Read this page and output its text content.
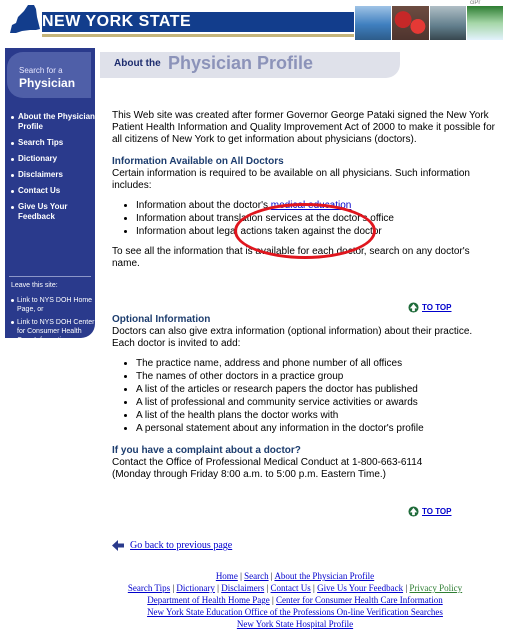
NEW YORK STATE
ciPr
Search for a
Physician
About the Physician Profile
Search Tips
Dictionary
Disclaimers
Contact Us
Give Us Your Feedback
Leave this site:
Link to NYS DOH Home Page, or
Link to NYS DOH Center for Consumer Health Care Information
About the Physician Profile

This Web site was created after former Governor George Pataki signed the New York Patient Health Information and Quality Improvement Act of 2000 to make it possible for all citizens of New York to get information about physicians (doctors).

Information Available on All Doctors

Certain information is required to be available on all physicians. Such information includes:

• Information about the doctor's medical education
• Information about translation services at the doctor's office
• Information about legal actions taken against the doctor

To see all the information that is available for each doctor, search on any doctor's name.

Optional Information

Doctors can also give extra information (optional information) about their practice. Each doctor is invited to add:

• The practice name, address and phone number of all offices
• The names of other doctors in a practice group
• A list of the articles or research papers the doctor has published
• A list of professional and community service activities or awards
• A list of the health plans the doctor works with
• A personal statement about any information in the doctor's profile
If you have a complaint about a doctor?

Contact the Office of Professional Medical Conduct at 1-800-663-6114

(Monday through Friday 8:00 a.m. to 5:00 p.m. Eastern Time.)

TO TOP
TO TOP
Go back to previous page
Home | Search | About the Physician Profile
Search Tips | Dictionary | Disclaimers | Contact Us | Give Us Your Feedback | Privacy Policy
Department of Health Home Page | Center for Consumer Health Care Information
New York State Education Office of the Professions On-line Verification Searches
New York State Hospital Profile
